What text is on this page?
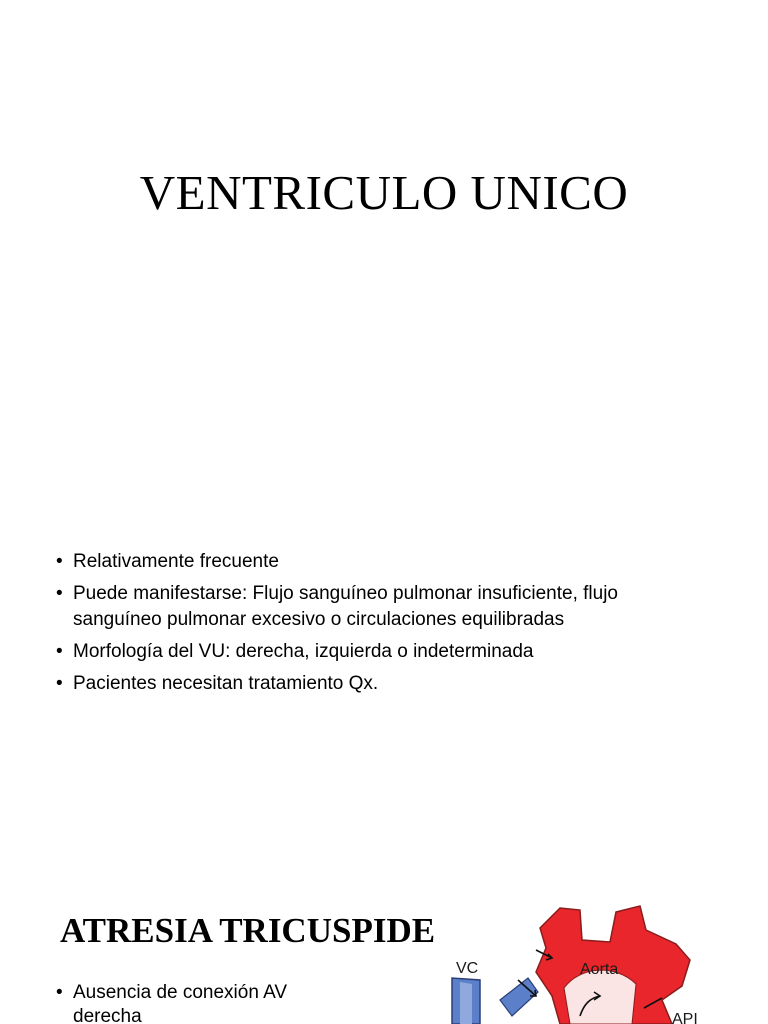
VENTRICULO UNICO
• Relativamente frecuente
• Puede manifestarse: Flujo sanguíneo pulmonar insuficiente, flujo sanguíneo pulmonar excesivo o circulaciones equilibradas
• Morfología del VU: derecha, izquierda o indeterminada
• Pacientes necesitan tratamiento Qx.
ATRESIA TRICUSPIDE
• Ausencia de conexión AV derecha
VC	Aorta
API
